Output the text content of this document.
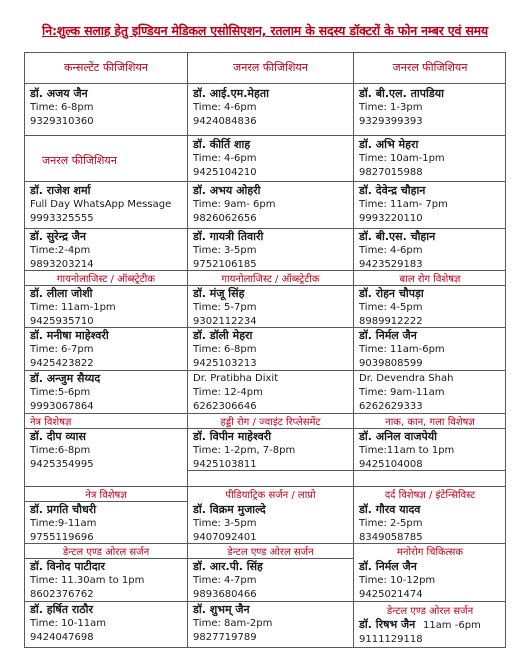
नि:शुल्क सलाह हेतु इण्डियन मेडिकल एसोसिएशन, रतलाम के सदस्य डॉक्टरों के फोन नम्बर एवं समय
कन्सल्टेंट फीजिशियन
डॉ. अजय जैन
Time: 6-8pm
9329310360
जनरल फीजिशियन
डॉ. राजेश शर्मा
Full Day WhatsApp Message
9993325555
डॉ. सुरेन्द्र जैन
Time:2-4pm
9893203214
गायनोलाजिस्ट / ऑब्स्ट्रेटीक
डॉ. लीला जोशी
Time: 11am-1pm
9425935710
डॉ. मनीषा माहेश्वरी
Time: 6-7pm
9425423822
डॉ. अन्जुम सैय्यद
Time:5-6pm
9993067864
नेत्र विशेषज्ञ
डॉ. दीप व्यास
Time:6-8pm
9425354995
नेत्र विशेषज्ञ
डॉ. प्रगति चौधरी
Time:9-11am
9755119696
डेन्टल एण्ड ओरल सर्जन
डॉ. विनोद पाटीदार
Time: 11.30am to 1pm
8602376762
डॉ. हर्षित राठौर
Time: 10-11am
9424047698
जनरल फीजिशियन
डॉ. आई.एम.मेहता
Time: 4-6pm
9424084836
डॉ. कीर्ति शाह
Time: 4-6pm
9425104210
डॉ. अभय ओहरी
Time: 9am- 6pm
9826062656
डॉ. गायत्री तिवारी
Time: 3-5pm
9752106185
गायनोलाजिस्ट / ऑब्स्ट्रेटीक
डॉ. मंजू सिंह
Time: 5-7pm
9302112234
डॉ. डॉली मेहरा
Time: 6-8pm
9425103213
Dr. Pratibha Dixit
Time: 12-4pm
6262306646
हड्डी रोग / ज्वाइंट रिप्लेसमेंट
डॉ. विपीन माहेश्वरी
Time: 1-2pm, 7-8pm
9425103811
पीडियाट्रिक सर्जन / लाप्रो
डॉ. विक्रम मुजाल्दे
Time: 3-5pm
9407092401
डेन्टल एण्ड ओरल सर्जन
डॉ. आर.पी. सिंह
Time: 4-7pm
9893680466
डॉ. शुभम् जैन
Time: 8am-2pm
9827719789
जनरल फीजिशियन
डॉ. बी.एल. तापडिया
Time: 1-3pm
9329399393
डॉ. अभि मेहरा
Time: 10am-1pm
9827015988
डॉ. देवेन्द्र चौहान
Time: 11am- 7pm
9993220110
डॉ. बी.एस. चौहान
Time: 4-6pm
9423529183
बाल रोग विशेषज्ञ
डॉ. रोहन चौपड़ा
Time: 4-5pm
8989912222
डॉ. निर्मल जैन
Time: 11am-6pm
9039808599
Dr. Devendra Shah
Time: 9am-11am
6262629333
नाक, कान, गला विशेषज्ञ
डॉ. अनिल वाजपेयी
Time:11am to 1pm
9425104008
दर्द विशेषज्ञ / इंटेन्सिविस्ट
डॉ. गौरव यादव
Time: 2-5pm
8349058785
मनोरोग चिकित्सक
डॉ. निर्मल जैन
Time: 10-12pm
9425021474
डेन्टल एण्ड ओरल सर्जन
डॉ. रिषभ जैन 11am -6pm
9111129118
